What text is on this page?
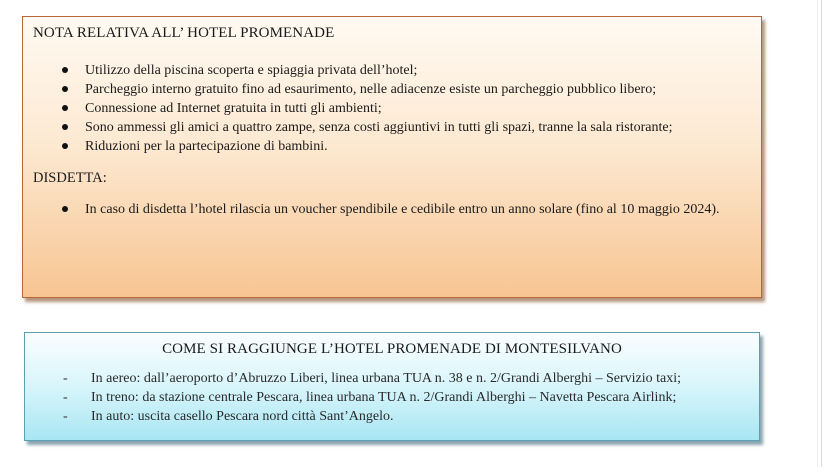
NOTA RELATIVA ALL’ HOTEL PROMENADE
Utilizzo della piscina scoperta e spiaggia privata dell’hotel;
Parcheggio interno gratuito fino ad esaurimento, nelle adiacenze esiste un parcheggio pubblico libero;
Connessione ad Internet gratuita in tutti gli ambienti;
Sono ammessi gli amici a quattro zampe, senza costi aggiuntivi in tutti gli spazi, tranne la sala ristorante;
Riduzioni per la partecipazione di bambini.
DISDETTA:
In caso di disdetta l’hotel rilascia un voucher spendibile e cedibile entro un anno solare (fino al 10 maggio 2024).
COME SI RAGGIUNGE L’HOTEL PROMENADE DI MONTESILVANO
- In aereo: dall’aeroporto d’Abruzzo Liberi, linea urbana TUA n. 38 e n. 2/Grandi Alberghi – Servizio taxi;
- In treno: da stazione centrale Pescara, linea urbana TUA n. 2/Grandi Alberghi – Navetta Pescara Airlink;
- In auto: uscita casello Pescara nord città Sant’Angelo.
